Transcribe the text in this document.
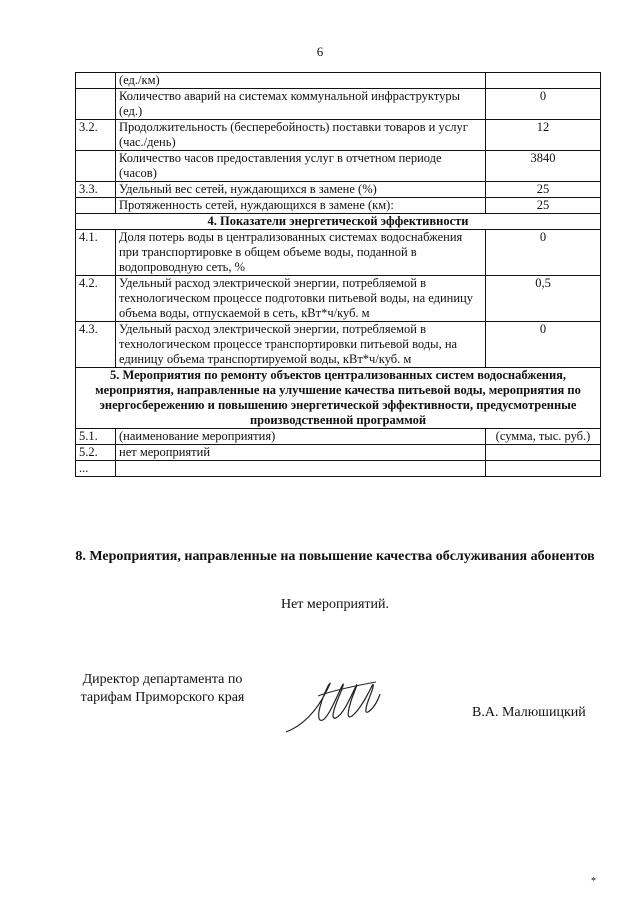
6
	(ед./км)	
	Количество аварий на системах коммунальной инфраструктуры (ед.)	0
3.2.	Продолжительность (бесперебойность) поставки товаров и услуг (час./день)	12
	Количество часов предоставления услуг в отчетном периоде (часов)	3840
3.3.	Удельный вес сетей, нуждающихся в замене (%)	25
	Протяженность сетей, нуждающихся в замене (км):	25
4. Показатели энергетической эффективности		
4.1.	Доля потерь воды в централизованных системах водоснабжения при транспортировке в общем объеме воды, поданной в водопроводную сеть, %	0
4.2.	Удельный расход электрической энергии, потребляемой в технологическом процессе подготовки питьевой воды, на единицу объема воды, отпускаемой в сеть, кВт*ч/куб. м	0,5
4.3.	Удельный расход электрической энергии, потребляемой в технологическом процессе транспортировки питьевой воды, на единицу объема транспортируемой воды, кВт*ч/куб. м	0
5. Мероприятия по ремонту объектов централизованных систем водоснабжения, мероприятия, направленные на улучшение качества питьевой воды, мероприятия по энергосбережению и повышению энергетической эффективности, предусмотренные производственной программой		
5.1.	(наименование мероприятия)	(сумма, тыс. руб.)
5.2.	нет мероприятий	
...		
8. Мероприятия, направленные на повышение качества обслуживания абонентов
Нет мероприятий.
Директор департамента по тарифам Приморского края
В.А. Малюшицкий
*
